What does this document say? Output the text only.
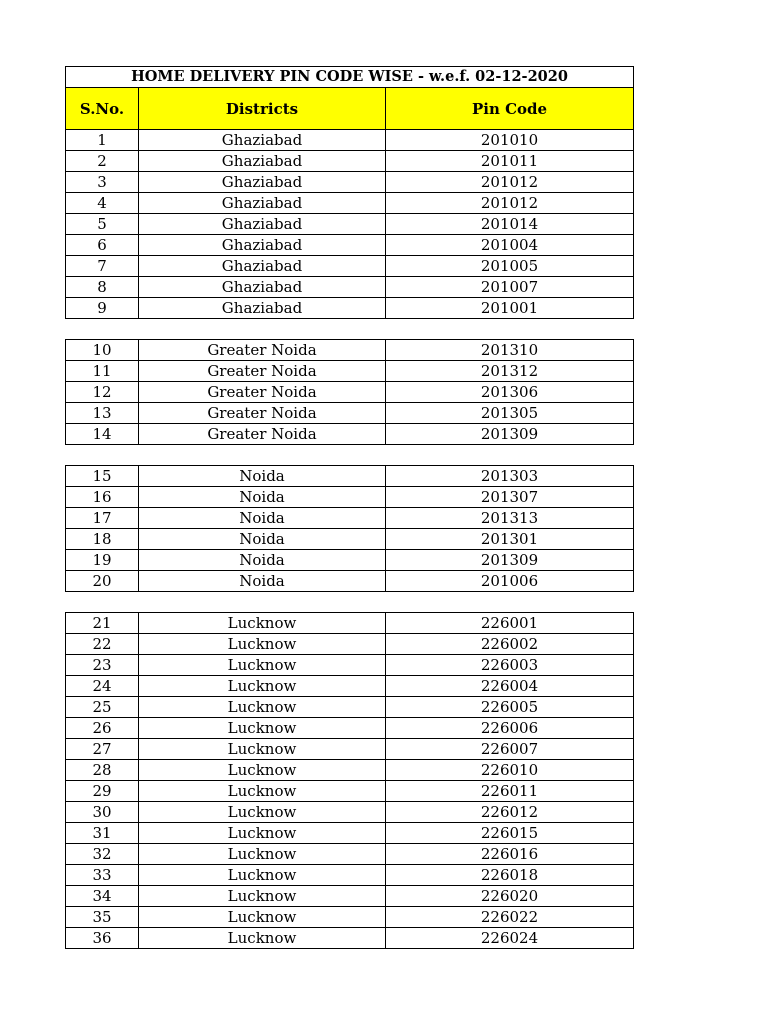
HOME DELIVERY PIN CODE WISE - w.e.f. 02-12-2020		
S.No.	Districts	Pin Code
1	Ghaziabad	201010
2	Ghaziabad	201011
3	Ghaziabad	201012
4	Ghaziabad	201012
5	Ghaziabad	201014
6	Ghaziabad	201004
7	Ghaziabad	201005
8	Ghaziabad	201007
9	Ghaziabad	201001
10	Greater Noida	201310
11	Greater Noida	201312
12	Greater Noida	201306
13	Greater Noida	201305
14	Greater Noida	201309
15	Noida	201303
16	Noida	201307
17	Noida	201313
18	Noida	201301
19	Noida	201309
20	Noida	201006
21	Lucknow	226001
22	Lucknow	226002
23	Lucknow	226003
24	Lucknow	226004
25	Lucknow	226005
26	Lucknow	226006
27	Lucknow	226007
28	Lucknow	226010
29	Lucknow	226011
30	Lucknow	226012
31	Lucknow	226015
32	Lucknow	226016
33	Lucknow	226018
34	Lucknow	226020
35	Lucknow	226022
36	Lucknow	226024
